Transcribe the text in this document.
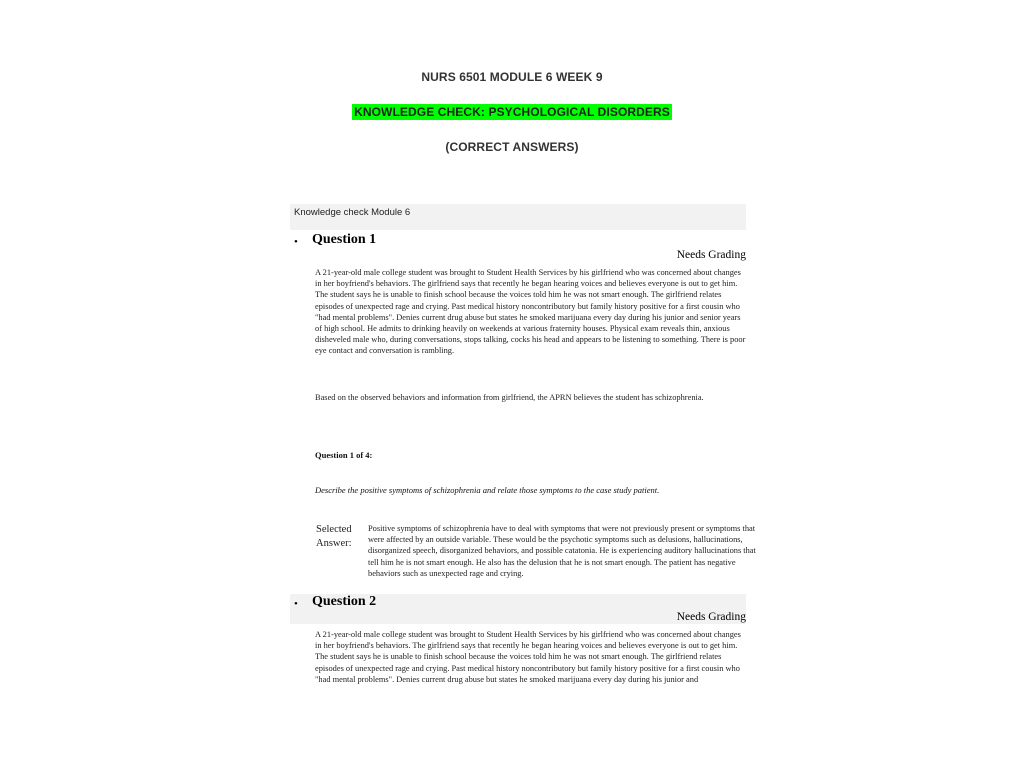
NURS 6501 MODULE 6 WEEK 9
KNOWLEDGE CHECK: PSYCHOLOGICAL DISORDERS
(CORRECT ANSWERS)
Knowledge check Module 6
• Question 1
Needs Grading
A 21-year-old male college student was brought to Student Health Services by his girlfriend who was concerned about changes in her boyfriend's behaviors. The girlfriend says that recently he began hearing voices and believes everyone is out to get him. The student says he is unable to finish school because the voices told him he was not smart enough. The girlfriend relates episodes of unexpected rage and crying. Past medical history noncontributory but family history positive for a first cousin who "had mental problems". Denies current drug abuse but states he smoked marijuana every day during his junior and senior years of high school. He admits to drinking heavily on weekends at various fraternity houses. Physical exam reveals thin, anxious disheveled male who, during conversations, stops talking, cocks his head and appears to be listening to something. There is poor eye contact and conversation is rambling.
Based on the observed behaviors and information from girlfriend, the APRN believes the student has schizophrenia.
Question 1 of 4:
Describe the positive symptoms of schizophrenia and relate those symptoms to the case study patient.
Selected Answer:
Positive symptoms of schizophrenia have to deal with symptoms that were not previously present or symptoms that were affected by an outside variable. These would be the psychotic symptoms such as delusions, hallucinations, disorganized speech, disorganized behaviors, and possible catatonia. He is experiencing auditory hallucinations that tell him he is not smart enough. He also has the delusion that he is not smart enough. The patient has negative behaviors such as unexpected rage and crying.
• Question 2
Needs Grading
A 21-year-old male college student was brought to Student Health Services by his girlfriend who was concerned about changes in her boyfriend's behaviors. The girlfriend says that recently he began hearing voices and believes everyone is out to get him. The student says he is unable to finish school because the voices told him he was not smart enough. The girlfriend relates episodes of unexpected rage and crying. Past medical history noncontributory but family history positive for a first cousin who "had mental problems". Denies current drug abuse but states he smoked marijuana every day during his junior and
